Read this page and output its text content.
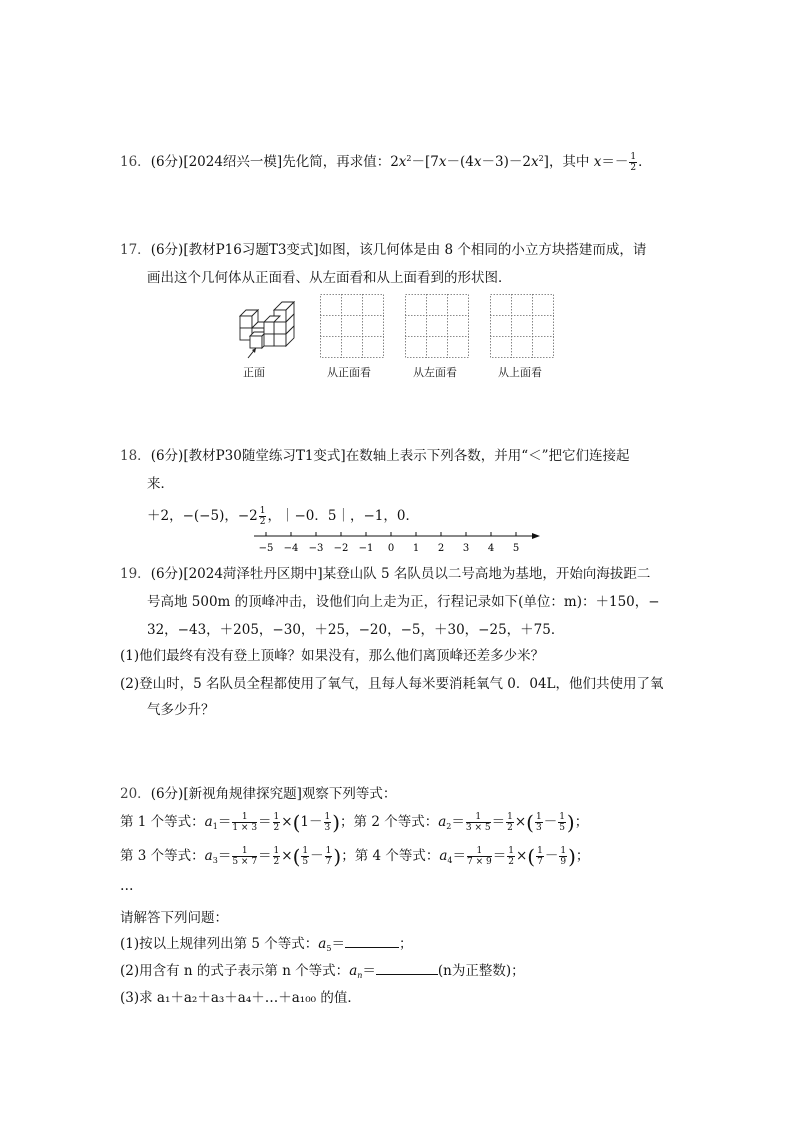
16．(6分)[2024绍兴一模]先化简，再求值：$2x^2-[7x-(4x-3)-2x^2]$，其中 $x=- \frac{1}{2}$ ．
17．(6分)[教材P16习题T3变式]如图，该几何体是由 8 个相同的小立方块搭建而成，请
画出这个几何体从正面看、从左面看和从上面看到的形状图．
正面	从正面看	从左面看	从上面看
18．(6分)[教材P30随堂练习T1变式]在数轴上表示下列各数，并用“＜”把它们连接起
来．
＋2，−(−5)，$-2 \frac{1}{2}$ ，｜−0．5｜，−1，0．
−5 −4 −3 −2 −1 0 1 2 3 4 5
19．(6分)[2024菏泽牡丹区期中]某登山队 5 名队员以二号高地为基地，开始向海拔距二
号高地 500m 的顶峰冲击，设他们向上走为正，行程记录如下(单位：m)：＋150，−
32，−43，＋205，−30，＋25，−20，−5，＋30，−25，＋75．
(1)他们最终有没有登上顶峰？如果没有，那么他们离顶峰还差多少米？
(2)登山时，5 名队员全程都使用了氧气，且每人每米要消耗氧气 0．04L，他们共使用了氧
气多少升？
20．(6分)[新视角规律探究题]观察下列等式：
第 1 个等式：$a_1= \frac{1}{1 \times 3} = \frac{1}{2} \times(1- \frac{1}{3}$ )；第 2 个等式：$a_2= \frac{1}{3 \times 5} = \frac{1}{2}$ ×( $\frac{1}{3} - \frac{1}{5}$ )；
第 3 个等式：$a_3= \frac{1}{5 \times 7} = \frac{1}{2}$ ×( $\frac{1}{5} - \frac{1}{7}$ )；第 4 个等式：$a_4= \frac{1}{7 \times 9} = \frac{1}{2}$ ×( $\frac{1}{7} - \frac{1}{9}$ )；
…
请解答下列问题：
(1)按以上规律列出第 5 个等式：$a_5=$	；
(2)用含有 n 的式子表示第 n 个等式：$a_n=$	(n为正整数)；
(3)求 a₁＋a₂＋a₃＋a₄＋…＋a₁₀₀ 的值．
